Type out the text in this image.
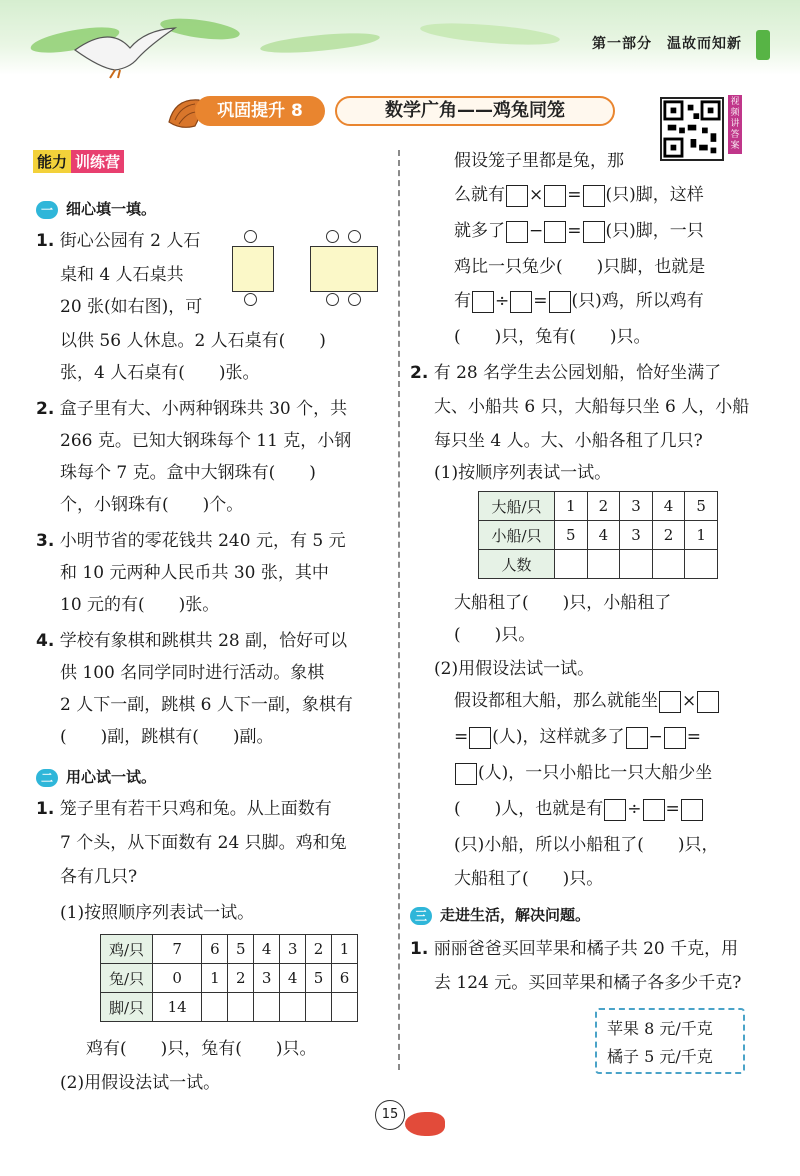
第一部分　温故而知新
巩固提升 8	数学广角——鸡兔同笼	视频讲答案
能力 训练营
一 细心填一填。
1. 街心公园有 2 人石
桌和 4 人石桌共
20 张(如右图)，可
以供 56 人休息。2 人石桌有(　　)
张，4 人石桌有(　　)张。
2. 盒子里有大、小两种钢珠共 30 个，共
266 克。已知大钢珠每个 11 克，小钢
珠每个 7 克。盒中大钢珠有(　　)
个，小钢珠有(　　)个。
3. 小明节省的零花钱共 240 元，有 5 元
和 10 元两种人民币共 30 张，其中
10 元的有(　　)张。
4. 学校有象棋和跳棋共 28 副，恰好可以
供 100 名同学同时进行活动。象棋
2 人下一副，跳棋 6 人下一副，象棋有
(　　)副，跳棋有(　　)副。
二 用心试一试。
1. 笼子里有若干只鸡和兔。从上面数有
7 个头，从下面数有 24 只脚。鸡和兔
各有几只?
(1)按照顺序列表试一试。
鸡/只	7	6	5	4	3	2	1
兔/只	0	1	2	3	4	5	6
脚/只	14						
鸡有(　　)只，兔有(　　)只。
(2)用假设法试一试。
假设笼子里都是兔，那
么就有 × = (只)脚，这样
就多了 − = (只)脚，一只
鸡比一只兔少(　　)只脚，也就是
有 ÷ = (只)鸡，所以鸡有
(　　)只，兔有(　　)只。
2. 有 28 名学生去公园划船，恰好坐满了
大、小船共 6 只，大船每只坐 6 人，小船
每只坐 4 人。大、小船各租了几只?
(1)按顺序列表试一试。
大船/只	1	2	3	4	5
小船/只	5	4	3	2	1
人数					
大船租了(　　)只，小船租了
(　　)只。
(2)用假设法试一试。
假设都租大船，那么就能坐 ×
= (人)，这样就多了 − =
(人)，一只小船比一只大船少坐
(　　)人，也就是有 ÷ =
(只)小船，所以小船租了(　　)只，
大船租了(　　)只。
三 走进生活，解决问题。
1. 丽丽爸爸买回苹果和橘子共 20 千克，用
去 124 元。买回苹果和橘子各多少千克?
苹果 8 元/千克
橘子 5 元/千克
15
